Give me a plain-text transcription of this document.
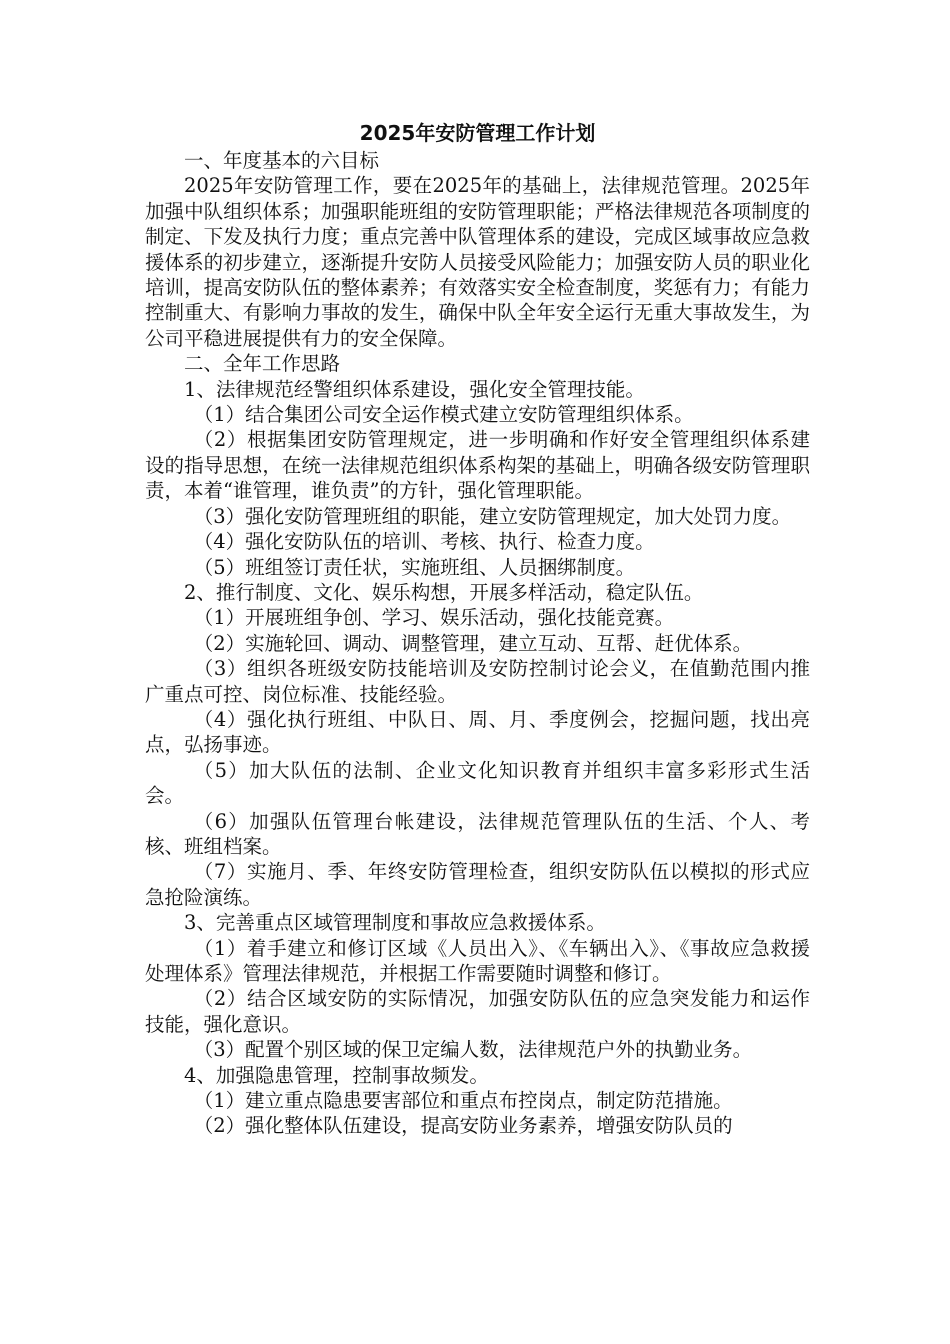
2025年安防管理工作计划

一、年度基本的六目标

2025年安防管理工作，要在2025年的基础上，法律规范管理。2025年加强中队组织体系；加强职能班组的安防管理职能；严格法律规范各项制度的制定、下发及执行力度；重点完善中队管理体系的建设，完成区域事故应急救援体系的初步建立，逐渐提升安防人员接受风险能力；加强安防人员的职业化培训，提高安防队伍的整体素养；有效落实安全检查制度，奖惩有力；有能力控制重大、有影响力事故的发生，确保中队全年安全运行无重大事故发生，为公司平稳进展提供有力的安全保障。

二、全年工作思路

1、法律规范经警组织体系建设，强化安全管理技能。

（1）结合集团公司安全运作模式建立安防管理组织体系。

（2）根据集团安防管理规定，进一步明确和作好安全管理组织体系建设的指导思想，在统一法律规范组织体系构架的基础上，明确各级安防管理职责，本着“谁管理，谁负责”的方针，强化管理职能。

（3）强化安防管理班组的职能，建立安防管理规定，加大处罚力度。

（4）强化安防队伍的培训、考核、执行、检查力度。

（5）班组签订责任状，实施班组、人员捆绑制度。

2、推行制度、文化、娱乐构想，开展多样活动，稳定队伍。

（1）开展班组争创、学习、娱乐活动，强化技能竞赛。

（2）实施轮回、调动、调整管理，建立互动、互帮、赶优体系。

（3）组织各班级安防技能培训及安防控制讨论会义，在值勤范围内推广重点可控、岗位标准、技能经验。

（4）强化执行班组、中队日、周、月、季度例会，挖掘问题，找出亮点，弘扬事迹。

（5）加大队伍的法制、企业文化知识教育并组织丰富多彩形式生活会。

（6）加强队伍管理台帐建设，法律规范管理队伍的生活、个人、考核、班组档案。

（7）实施月、季、年终安防管理检查，组织安防队伍以模拟的形式应急抢险演练。

3、完善重点区域管理制度和事故应急救援体系。

（1）着手建立和修订区域《人员出入》、《车辆出入》、《事故应急救援处理体系》管理法律规范，并根据工作需要随时调整和修订。

（2）结合区域安防的实际情况，加强安防队伍的应急突发能力和运作技能，强化意识。

（3）配置个别区域的保卫定编人数，法律规范户外的执勤业务。

4、加强隐患管理，控制事故频发。

（1）建立重点隐患要害部位和重点布控岗点，制定防范措施。

（2）强化整体队伍建设，提高安防业务素养，增强安防队员的
